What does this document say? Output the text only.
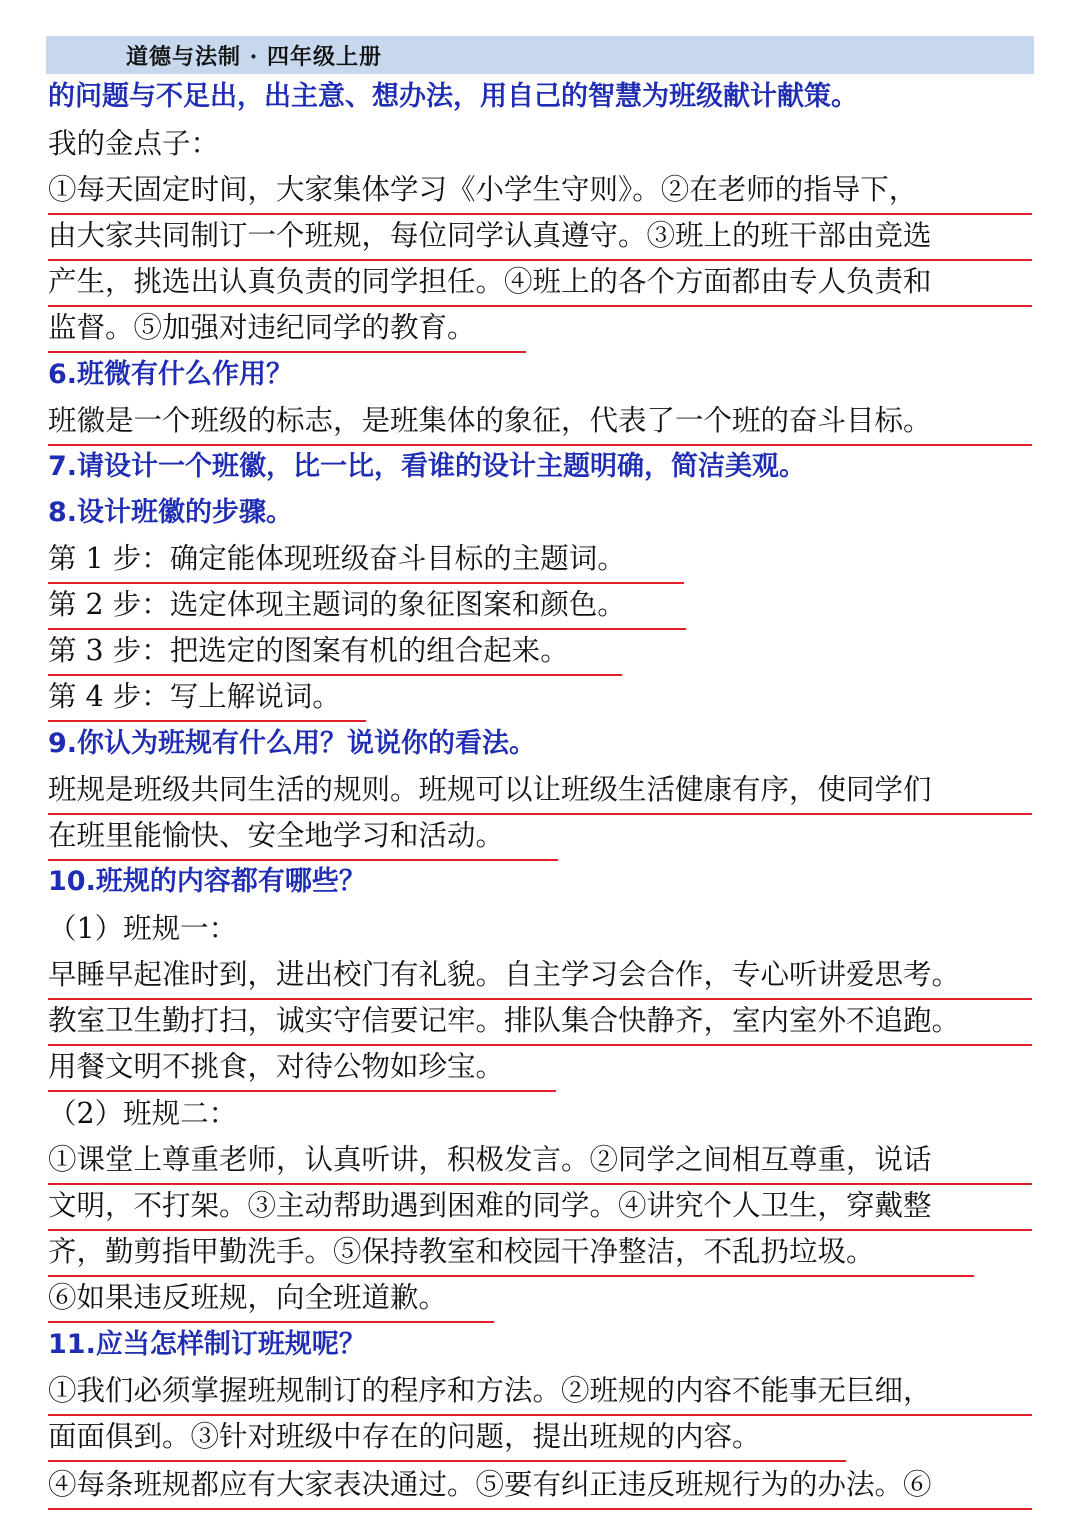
道德与法制 · 四年级上册
的问题与不足出，出主意、想办法，用自己的智慧为班级献计献策。
我的金点子：
①每天固定时间，大家集体学习《小学生守则》。②在老师的指导下，
由大家共同制订一个班规，每位同学认真遵守。③班上的班干部由竞选
产生，挑选出认真负责的同学担任。④班上的各个方面都由专人负责和
监督。⑤加强对违纪同学的教育。
6.班微有什么作用？
班徽是一个班级的标志，是班集体的象征，代表了一个班的奋斗目标。
7.请设计一个班徽，比一比，看谁的设计主题明确，简洁美观。
8.设计班徽的步骤。
第 1 步：确定能体现班级奋斗目标的主题词。
第 2 步：选定体现主题词的象征图案和颜色。
第 3 步：把选定的图案有机的组合起来。
第 4 步：写上解说词。
9.你认为班规有什么用？说说你的看法。
班规是班级共同生活的规则。班规可以让班级生活健康有序，使同学们
在班里能愉快、安全地学习和活动。
10.班规的内容都有哪些？
（1）班规一：
早睡早起准时到，进出校门有礼貌。自主学习会合作，专心听讲爱思考。
教室卫生勤打扫，诚实守信要记牢。排队集合快静齐，室内室外不追跑。
用餐文明不挑食，对待公物如珍宝。
（2）班规二：
①课堂上尊重老师，认真听讲，积极发言。②同学之间相互尊重，说话
文明，不打架。③主动帮助遇到困难的同学。④讲究个人卫生，穿戴整
齐，勤剪指甲勤洗手。⑤保持教室和校园干净整洁，不乱扔垃圾。
⑥如果违反班规，向全班道歉。
11.应当怎样制订班规呢？
①我们必须掌握班规制订的程序和方法。②班规的内容不能事无巨细，
面面俱到。③针对班级中存在的问题，提出班规的内容。
④每条班规都应有大家表决通过。⑤要有纠正违反班规行为的办法。⑥
